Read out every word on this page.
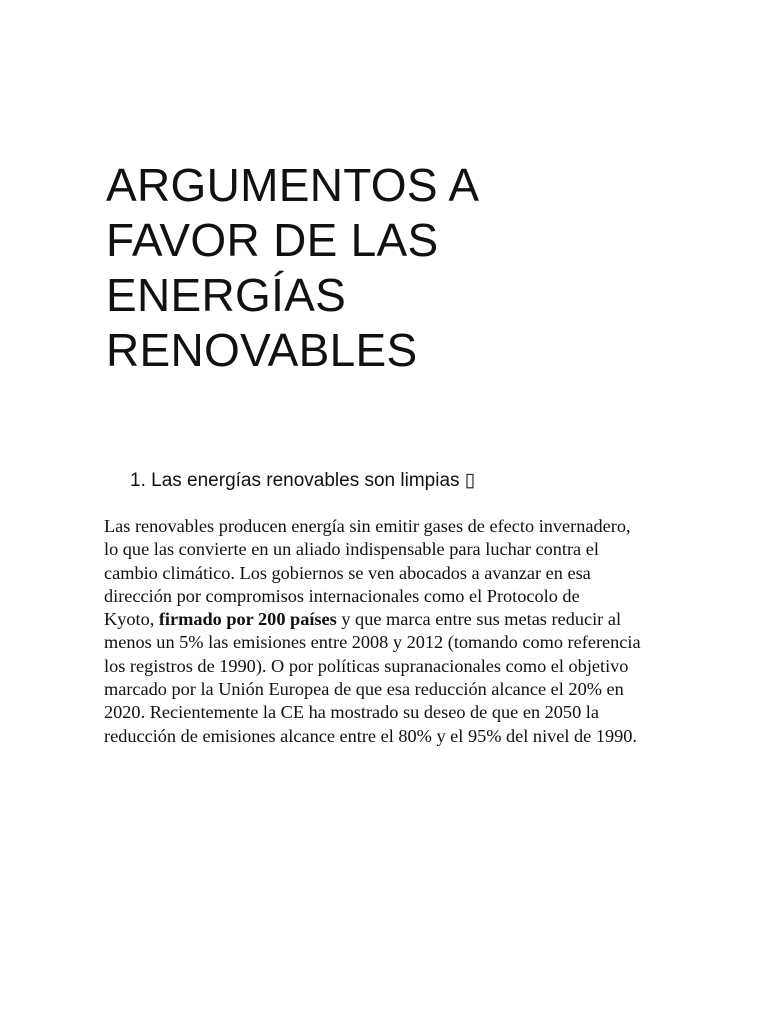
ARGUMENTOS A
FAVOR DE LAS
ENERGÍAS
RENOVABLES
1. Las energías renovables son limpias ▯

Las renovables producen energía sin emitir gases de efecto invernadero,
lo que las convierte en un aliado indispensable para luchar contra el
cambio climático. Los gobiernos se ven abocados a avanzar en esa
dirección por compromisos internacionales como el Protocolo de
Kyoto, firmado por 200 países y que marca entre sus metas reducir al
menos un 5% las emisiones entre 2008 y 2012 (tomando como referencia
los registros de 1990). O por políticas supranacionales como el objetivo
marcado por la Unión Europea de que esa reducción alcance el 20% en
2020. Recientemente la CE ha mostrado su deseo de que en 2050 la
reducción de emisiones alcance entre el 80% y el 95% del nivel de 1990.
